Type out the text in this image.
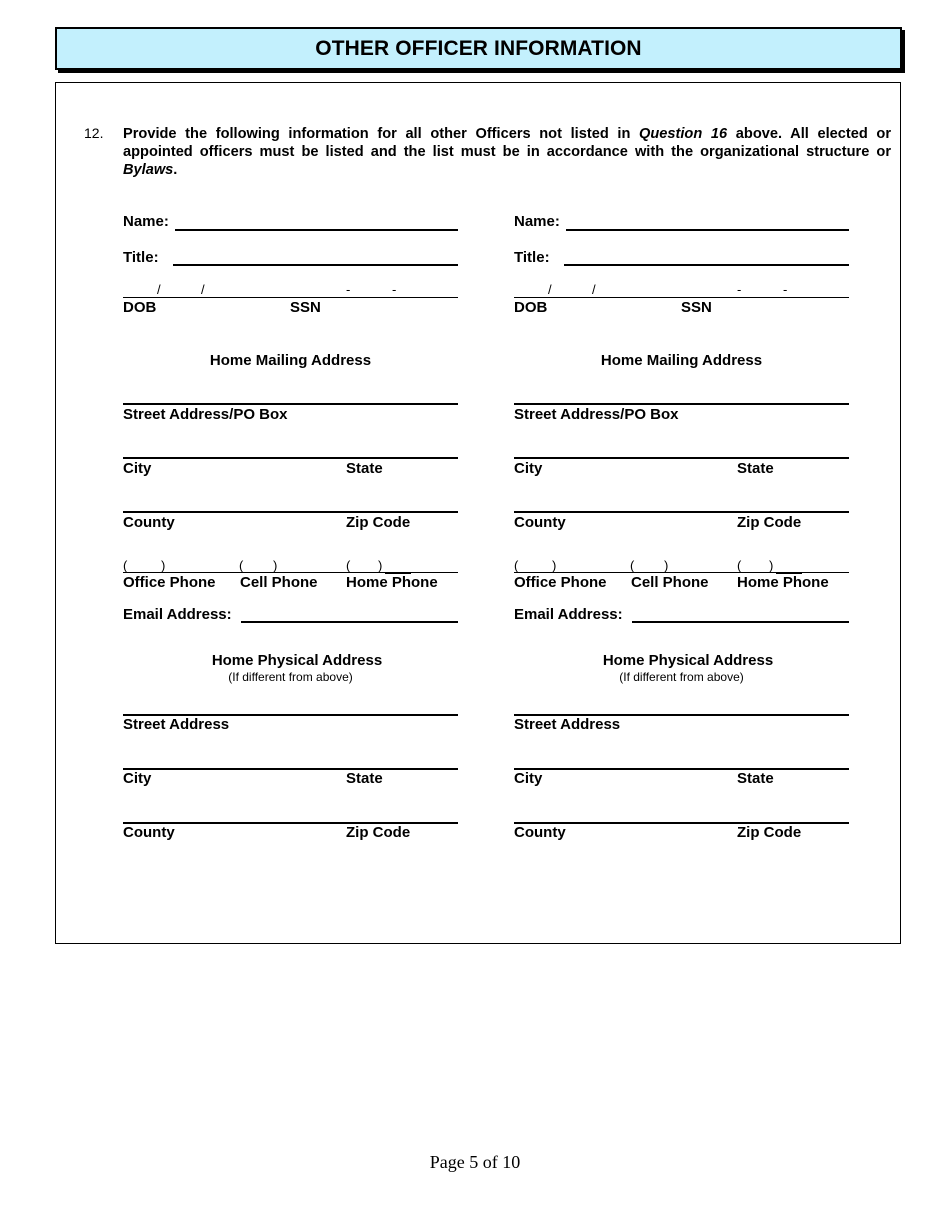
OTHER OFFICER INFORMATION
12. Provide the following information for all other Officers not listed in Question 16 above. All elected or appointed officers must be listed and the list must be in accordance with the organizational structure or Bylaws.
Name:
Title:
/	/	-	-
DOB	SSN
Home Mailing Address
Street Address/PO Box
City	State
County	Zip Code
(	)	( )	( )
Office Phone Cell Phone Home Phone
Email Address:
Home Physical Address
(If different from above)
Street Address
City	State
County	Zip Code
Name:
Title:
/	/	-	-
DOB	SSN
Home Mailing Address
Street Address/PO Box
City	State
County	Zip Code
(	)	( )	( )
Office Phone Cell Phone Home Phone
Email Address:
Home Physical Address
(If different from above)
Street Address
City	State
County	Zip Code
Page 5 of 10
